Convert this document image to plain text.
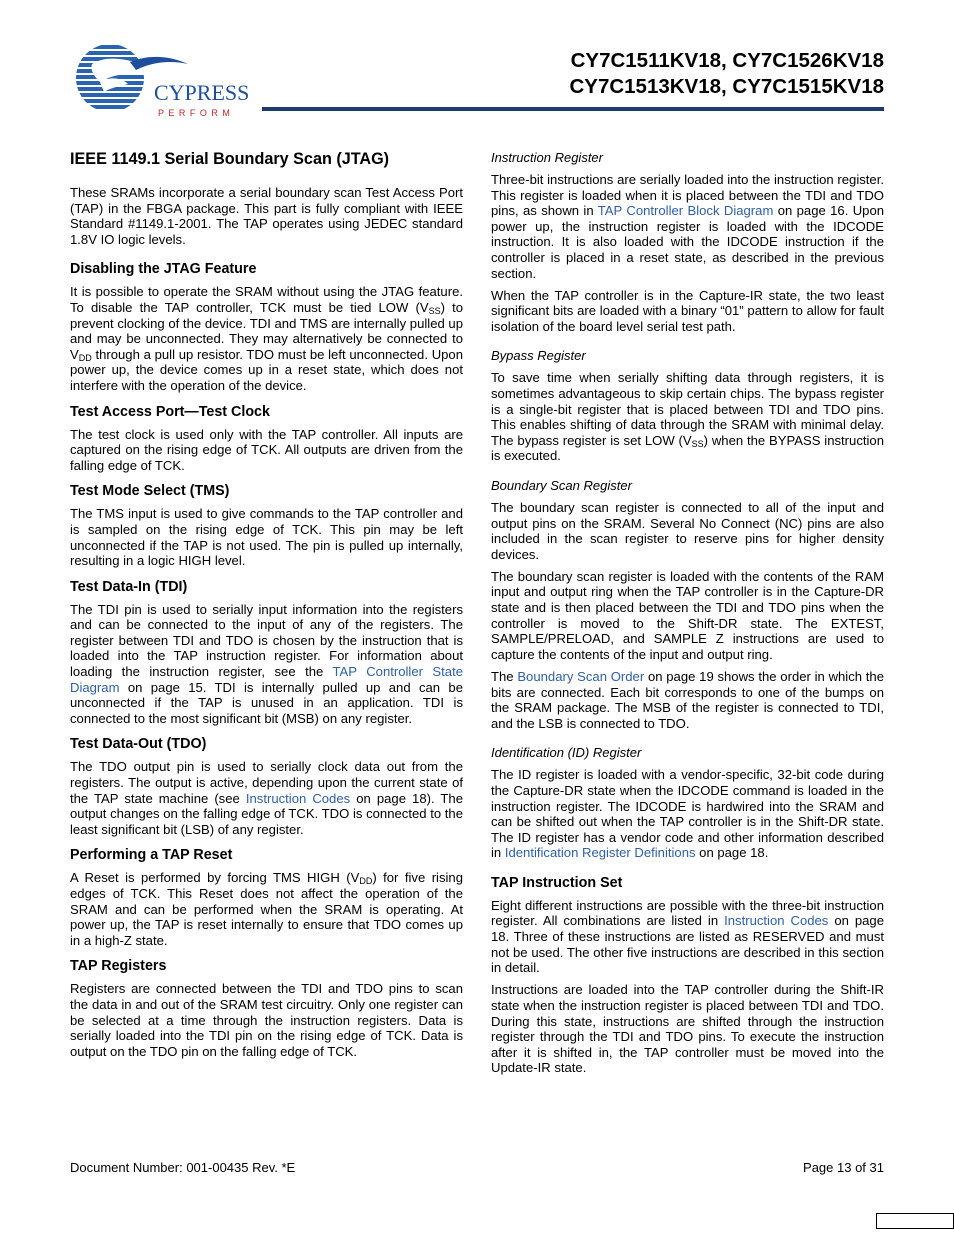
CYPRESS
P E R F O R M
CY7C1511KV18, CY7C1526KV18
CY7C1513KV18, CY7C1515KV18
IEEE 1149.1 Serial Boundary Scan (JTAG)

These SRAMs incorporate a serial boundary scan Test Access Port (TAP) in the FBGA package. This part is fully compliant with IEEE Standard #1149.1-2001. The TAP operates using JEDEC standard 1.8V IO logic levels.

Disabling the JTAG Feature

It is possible to operate the SRAM without using the JTAG feature. To disable the TAP controller, TCK must be tied LOW $(V_{SS})$ to prevent clocking of the device. TDI and TMS are internally pulled up and may be unconnected. They may alternatively be connected to $V_{DD}$ through a pull up resistor. TDO must be left unconnected. Upon power up, the device comes up in a reset state, which does not interfere with the operation of the device.

Test Access Port—Test Clock

The test clock is used only with the TAP controller. All inputs are captured on the rising edge of TCK. All outputs are driven from the falling edge of TCK.

Test Mode Select (TMS)

The TMS input is used to give commands to the TAP controller and is sampled on the rising edge of TCK. This pin may be left unconnected if the TAP is not used. The pin is pulled up internally, resulting in a logic HIGH level.

Test Data-In (TDI)

The TDI pin is used to serially input information into the registers and can be connected to the input of any of the registers. The register between TDI and TDO is chosen by the instruction that is loaded into the TAP instruction register. For information about loading the instruction register, see the TAP Controller State Diagram on page 15. TDI is internally pulled up and can be unconnected if the TAP is unused in an application. TDI is connected to the most significant bit (MSB) on any register.

Test Data-Out (TDO)

The TDO output pin is used to serially clock data out from the registers. The output is active, depending upon the current state of the TAP state machine (see Instruction Codes on page 18). The output changes on the falling edge of TCK. TDO is connected to the least significant bit (LSB) of any register.

Performing a TAP Reset

A Reset is performed by forcing TMS HIGH $(V_{DD})$ for five rising edges of TCK. This Reset does not affect the operation of the SRAM and can be performed when the SRAM is operating. At power up, the TAP is reset internally to ensure that TDO comes up in a high-Z state.

TAP Registers

Registers are connected between the TDI and TDO pins to scan the data in and out of the SRAM test circuitry. Only one register can be selected at a time through the instruction registers. Data is serially loaded into the TDI pin on the rising edge of TCK. Data is output on the TDO pin on the falling edge of TCK.

Instruction Register

Three-bit instructions are serially loaded into the instruction register. This register is loaded when it is placed between the TDI and TDO pins, as shown in TAP Controller Block Diagram on page 16. Upon power up, the instruction register is loaded with the IDCODE instruction. It is also loaded with the IDCODE instruction if the controller is placed in a reset state, as described in the previous section.

When the TAP controller is in the Capture-IR state, the two least significant bits are loaded with a binary “01” pattern to allow for fault isolation of the board level serial test path.

Bypass Register

To save time when serially shifting data through registers, it is sometimes advantageous to skip certain chips. The bypass register is a single-bit register that is placed between TDI and TDO pins. This enables shifting of data through the SRAM with minimal delay. The bypass register is set LOW $(V_{SS})$ when the BYPASS instruction is executed.

Boundary Scan Register

The boundary scan register is connected to all of the input and output pins on the SRAM. Several No Connect (NC) pins are also included in the scan register to reserve pins for higher density devices.

The boundary scan register is loaded with the contents of the RAM input and output ring when the TAP controller is in the Capture-DR state and is then placed between the TDI and TDO pins when the controller is moved to the Shift-DR state. The EXTEST, SAMPLE/PRELOAD, and SAMPLE Z instructions are used to capture the contents of the input and output ring.

The Boundary Scan Order on page 19 shows the order in which the bits are connected. Each bit corresponds to one of the bumps on the SRAM package. The MSB of the register is connected to TDI, and the LSB is connected to TDO.

Identification (ID) Register

The ID register is loaded with a vendor-specific, 32-bit code during the Capture-DR state when the IDCODE command is loaded in the instruction register. The IDCODE is hardwired into the SRAM and can be shifted out when the TAP controller is in the Shift-DR state. The ID register has a vendor code and other information described in Identification Register Definitions on page 18.

TAP Instruction Set

Eight different instructions are possible with the three-bit instruction register. All combinations are listed in Instruction Codes on page 18. Three of these instructions are listed as RESERVED and must not be used. The other five instructions are described in this section in detail.

Instructions are loaded into the TAP controller during the Shift-IR state when the instruction register is placed between TDI and TDO. During this state, instructions are shifted through the instruction register through the TDI and TDO pins. To execute the instruction after it is shifted in, the TAP controller must be moved into the Update-IR state.

Document Number: 001-00435 Rev. *E	Page 13 of 31
